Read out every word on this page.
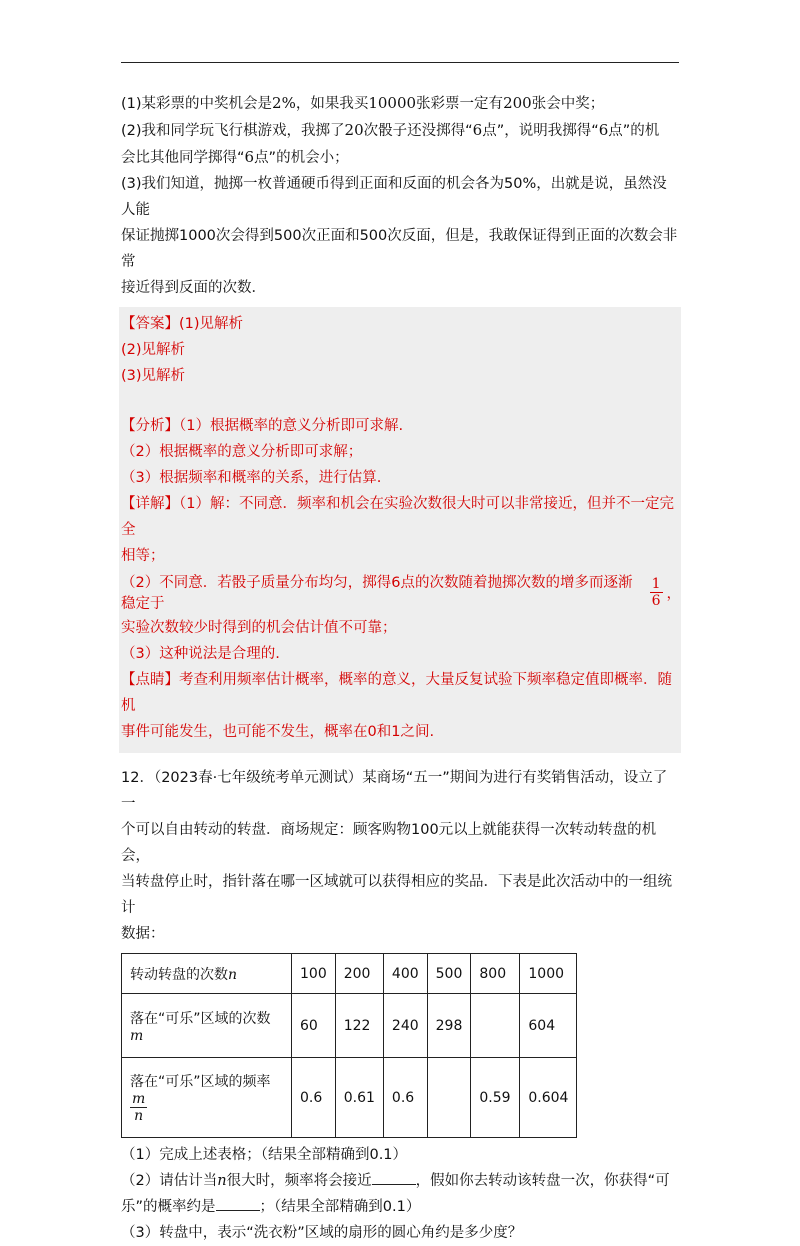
(1)某彩票的中奖机会是2%，如果我买10000张彩票一定有200张会中奖；

(2)我和同学玩飞行棋游戏，我掷了20次骰子还没掷得“6点”，说明我掷得“6点”的机

会比其他同学掷得“6点”的机会小；

(3)我们知道，抛掷一枚普通硬币得到正面和反面的机会各为50%，出就是说，虽然没人能

保证抛掷1000次会得到500次正面和500次反面，但是，我敢保证得到正面的次数会非常

接近得到反面的次数．

【答案】(1)见解析

(2)见解析

(3)见解析

【分析】（1）根据概率的意义分析即可求解.

（2）根据概率的意义分析即可求解；

（3）根据频率和概率的关系，进行估算.

【详解】（1）解：不同意．频率和机会在实验次数很大时可以非常接近，但并不一定完全

相等；

（2）不同意．若骰子质量分布均匀，掷得6点的次数随着抛掷次数的增多而逐渐稳定于	$\frac{1}{6}$ ，

实验次数较少时得到的机会估计值不可靠；

（3）这种说法是合理的.

【点睛】考查利用频率估计概率，概率的意义，大量反复试验下频率稳定值即概率．随机

事件可能发生，也可能不发生，概率在0和1之间.

12．（2023春·七年级统考单元测试）某商场“五一”期间为进行有奖销售活动，设立了一

个可以自由转动的转盘．商场规定：顾客购物100元以上就能获得一次转动转盘的机会，

当转盘停止时，指针落在哪一区域就可以获得相应的奖品．下表是此次活动中的一组统计

数据：

转动转盘的次数n	100	200	400	500	800	1000

落在“可乐”区域的次数
m	60	122	240	298		604

落在“可乐”区域的频率
$\frac{m}{n}$	0.6	0.61	0.6		0.59	0.604

（1）完成上述表格；（结果全部精确到0.1）

（2）请估计当n很大时，频率将会接近	，假如你去转动该转盘一次，你获得“可

乐”的概率约是	；（结果全部精确到0.1）

（3）转盘中，表示“洗衣粉”区域的扇形的圆心角约是多少度？
